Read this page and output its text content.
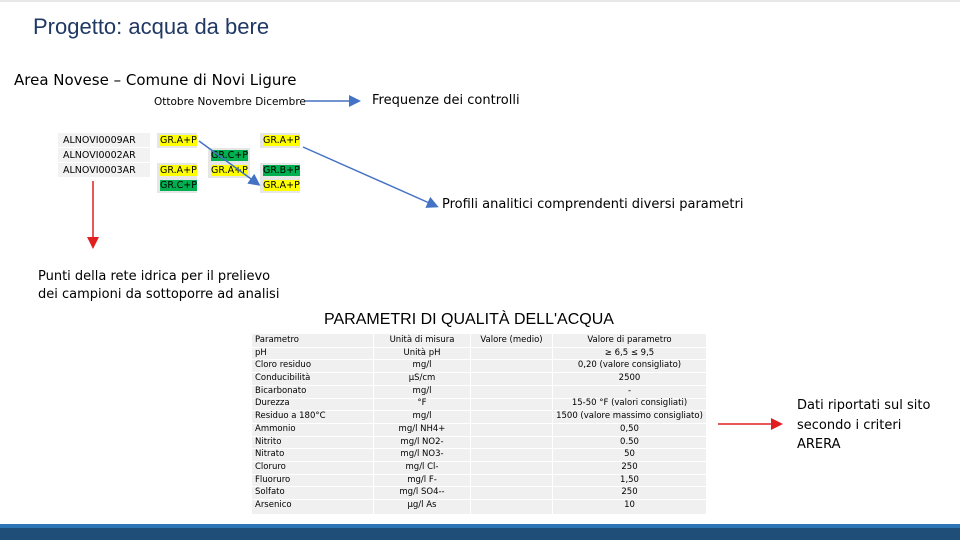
Progetto: acqua da bere
Area Novese – Comune di Novi Ligure
Ottobre Novembre Dicembre	Frequenze dei controlli
ALNOVI0009AR
ALNOVI0002AR
ALNOVI0003AR
GR.A+P
GR.A+P
GR.C+P
GR.C+P
GR.A+P
GR.A+P
GR.B+P
GR.A+P
Profili analitici comprendenti diversi parametri
Punti della rete idrica per il prelievo
dei campioni da sottoporre ad analisi
PARAMETRI DI QUALITÀ DELL'ACQUA
Parametro
pH
Cloro residuo
Conducibilità
Bicarbonato
Durezza
Residuo a 180°C
Ammonio
Nitrito
Nitrato
Cloruro
Fluoruro
Solfato
Arsenico
Unità di misura
Unità pH
mg/l
µS/cm
mg/l
°F
mg/l
mg/l NH4+
mg/l NO2-
mg/l NO3-
mg/l Cl-
mg/l F-
mg/l SO4--
µg/l As
Valore (medio)	Valore di parametro
≥ 6,5 ≤ 9,5
0,20 (valore consigliato)
2500
-
15-50 °F (valori consigliati)
1500 (valore massimo consigliato)
0,50
0.50
50
250
1,50
250
10
Dati riportati sul sito
secondo i criteri
ARERA
